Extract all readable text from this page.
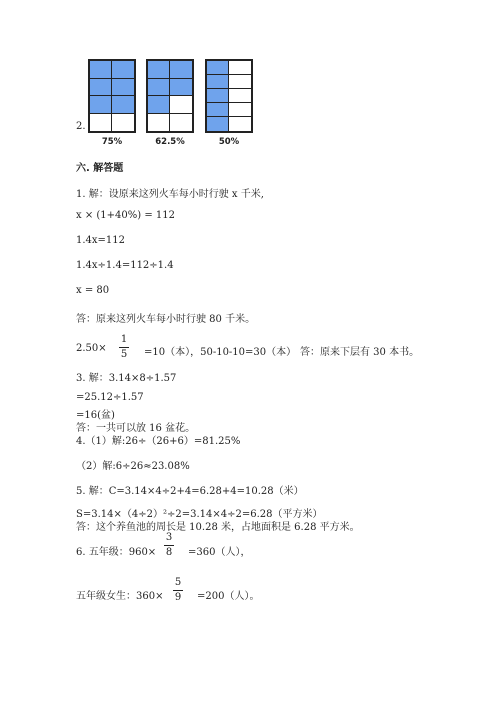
2.
75%	62.5%	50%
六. 解答题
1. 解：设原来这列火车每小时行驶 x 千米,
x × (1+40%) = 112
1.4x=112
1.4x÷1.4=112÷1.4
x = 80
答：原来这列火车每小时行驶 80 千米。
2.50×
1
5 =10（本），50-10-10=30（本） 答：原来下层有 30 本书。
3. 解：3.14×8÷1.57
=25.12÷1.57
=16(盆)
答：一共可以放 16 盆花。
4.（1）解:26÷（26+6）=81.25%
（2）解:6÷26≈23.08%
5. 解：C=3.14×4÷2+4=6.28+4=10.28（米）
S=3.14×（4÷2）²÷2=3.14×4÷2=6.28（平方米）
答：这个养鱼池的周长是 10.28 米，占地面积是 6.28 平方米。
6. 五年级：960×
3
8 =360（人），
五年级女生：360×
5
9 =200（人）。
